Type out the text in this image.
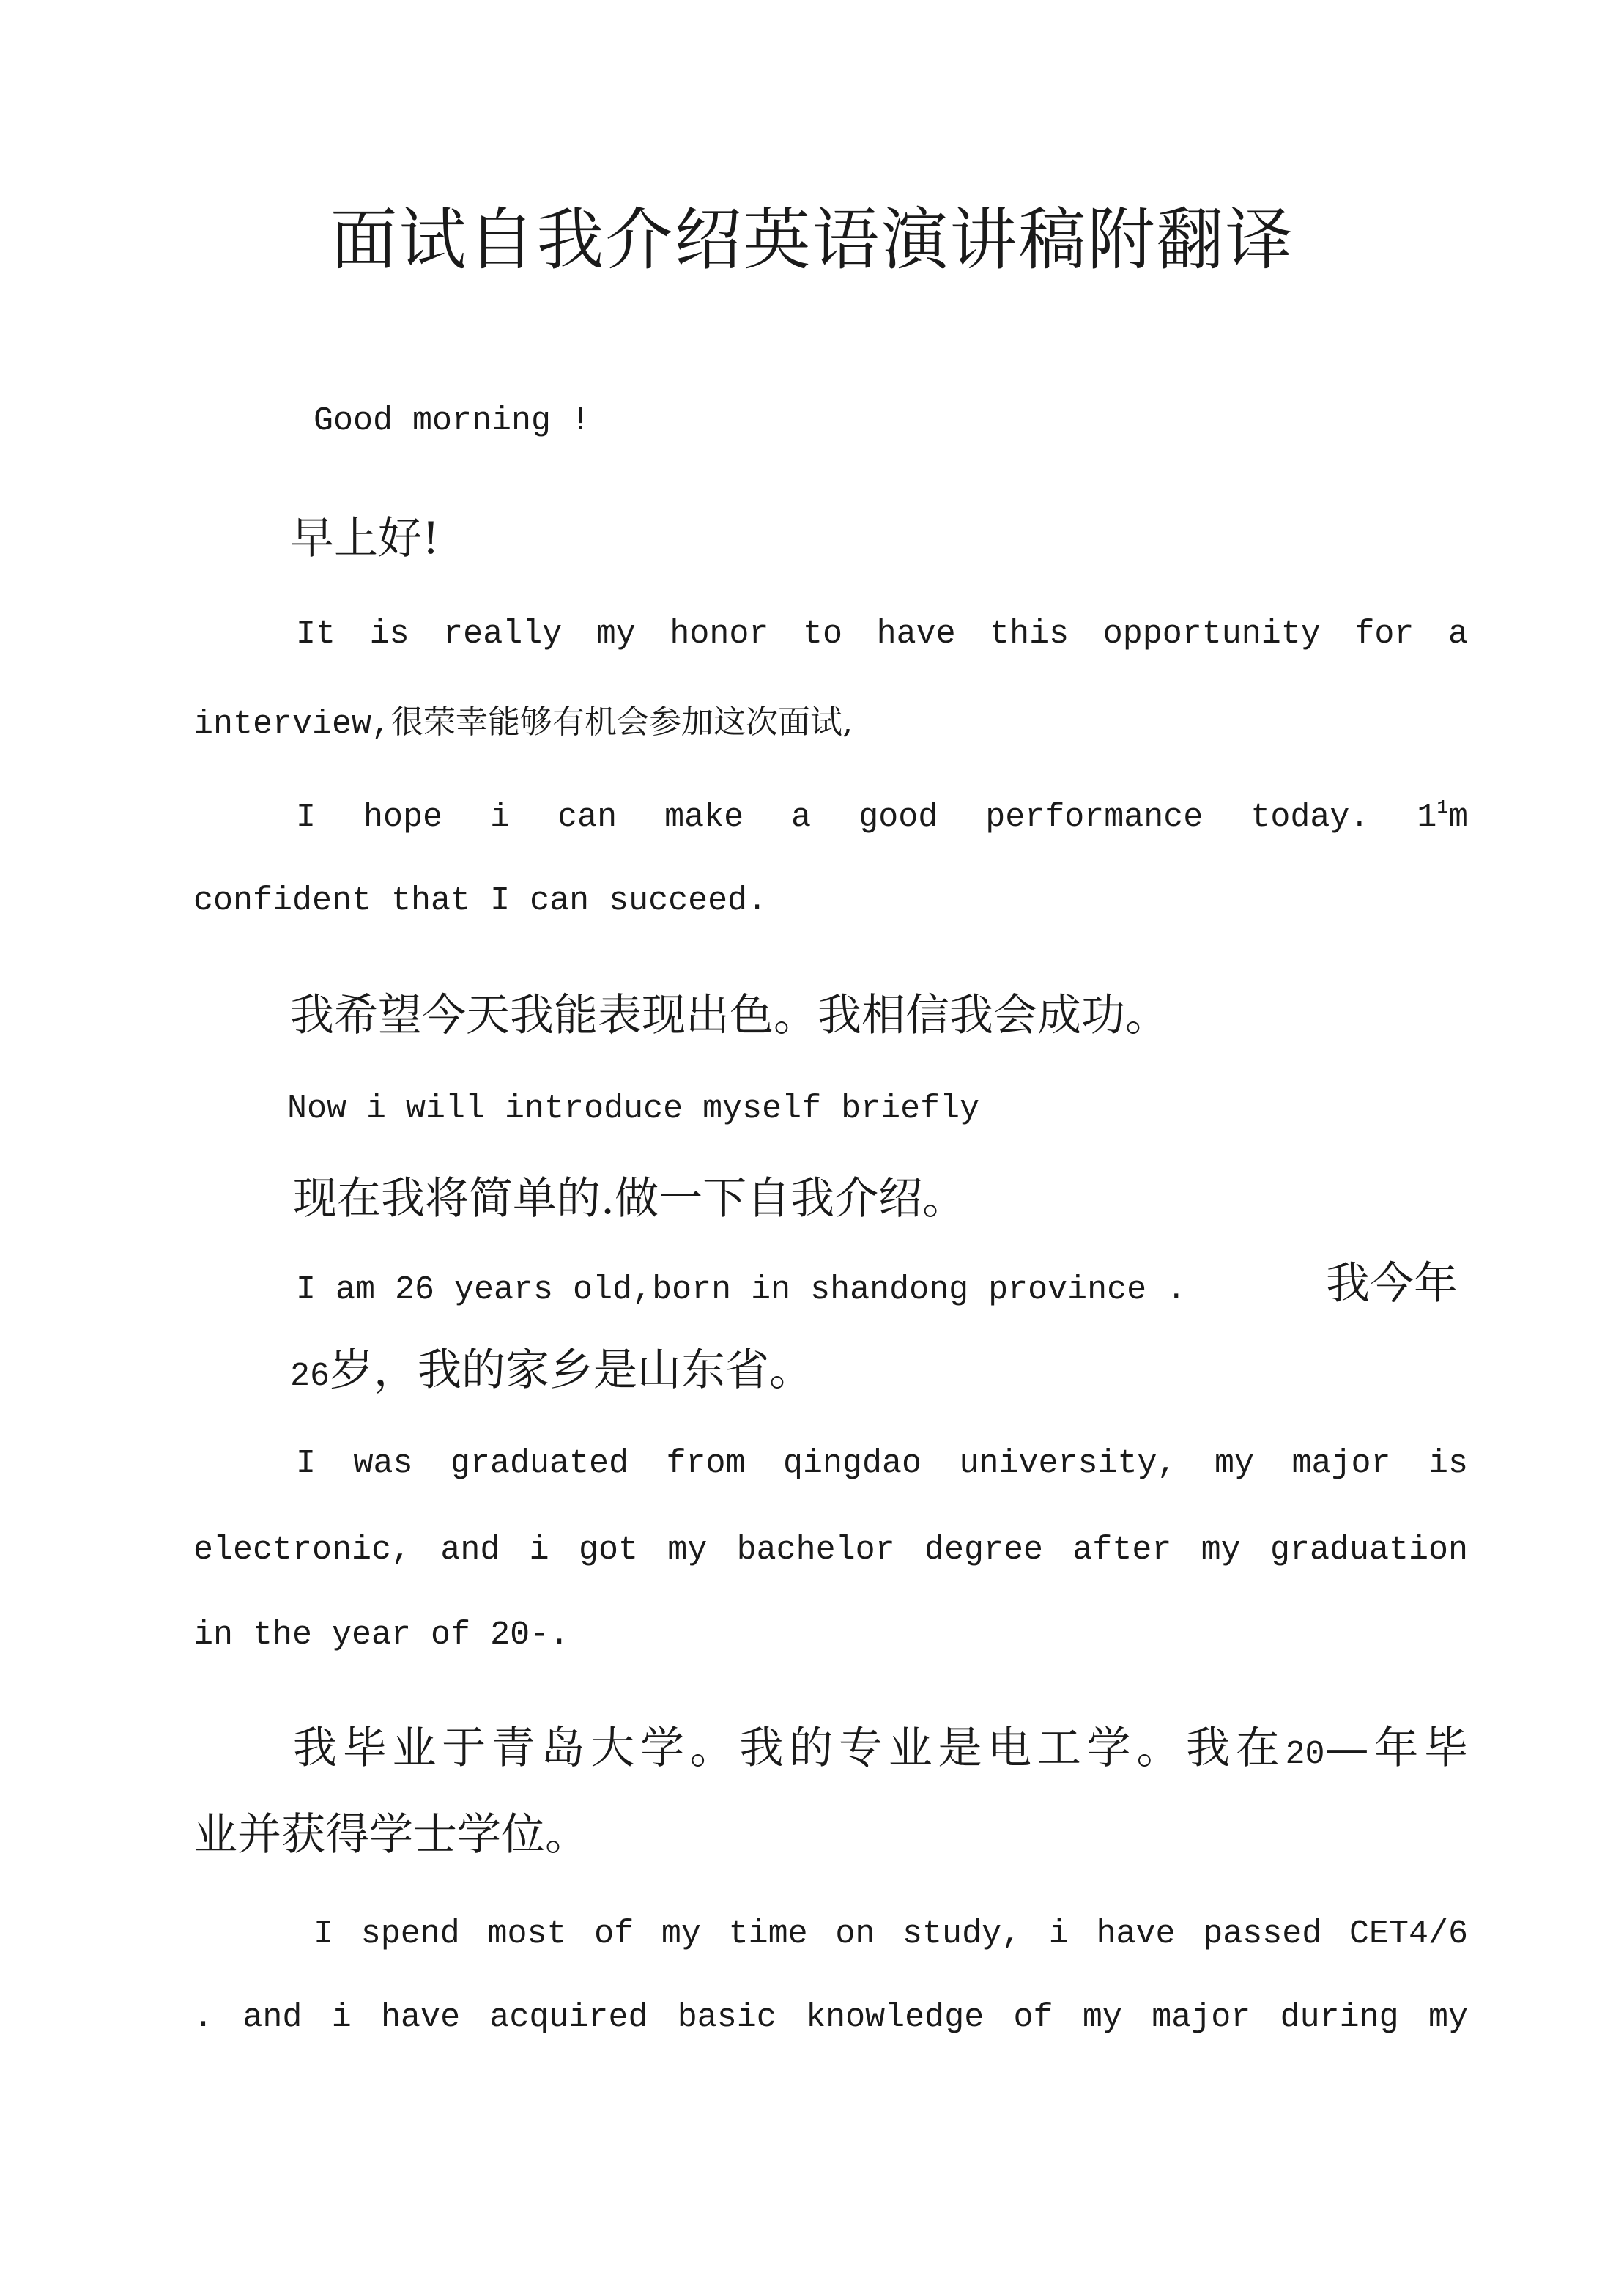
面试自我介绍英语演讲稿附翻译
Good morning !
早上好!
It is really my honor to have this opportunity for a
interview,很荣幸能够有机会参加这次面试,
I hope i can make a good performance today. $1^1m$
confident that I can succeed.
我希望今天我能表现出色。我相信我会成功。
Now i will introduce myself briefly
现在我将简单的.做一下自我介绍。
I am 26 years old,born in shandong province .	我今年
26岁，我的家乡是山东省。
I was graduated from qingdao university, my major is
electronic, and i got my bachelor degree after my graduation
in the year of 20-.
我毕业于青岛大学。我的专业是电工学。我在20—年毕
业并获得学士学位。
I spend most of my time on study, i have passed CET4/6
. and i have acquired basic knowledge of my major during my
